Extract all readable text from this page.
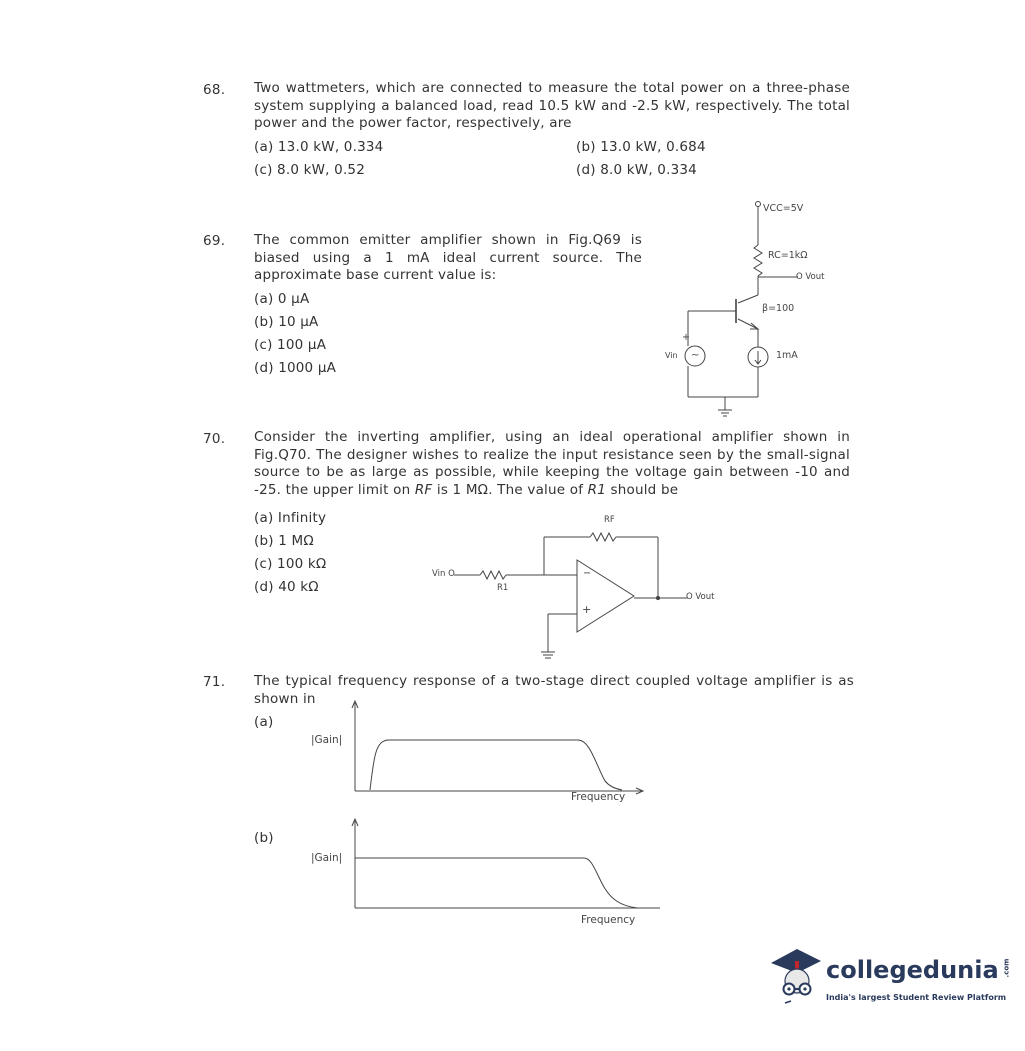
68. Two wattmeters, which are connected to measure the total power on a three-phase system supplying a balanced load, read 10.5 kW and -2.5 kW, respectively. The total power and the power factor, respectively, are
(a) 13.0 kW, 0.334	(b) 13.0 kW, 0.684
(c) 8.0 kW, 0.52	(d) 8.0 kW, 0.334
69. The common emitter amplifier shown in Fig.Q69 is biased using a 1 mA ideal current source. The approximate base current value is:
(a) 0 μA
(b) 10 μA
(c) 100 μA
(d) 1000 μA
VCC=5V
RC=1kΩ
O Vout
β=100
+
Vin ~	1mA
70. Consider the inverting amplifier, using an ideal operational amplifier shown in Fig.Q70. The designer wishes to realize the input resistance seen by the small-signal source to be as large as possible, while keeping the voltage gain between -10 and -25. the upper limit on RF is 1 MΩ. The value of R1 should be
(a) Infinity
(b) 1 MΩ
(c) 100 kΩ
(d) 40 kΩ
RF
R1
Vin O	−
+
O Vout
71. The typical frequency response of a two-stage direct coupled voltage amplifier is as shown in
(a)
(b)
|Gain|
Frequency
|Gain|
Frequency
collegedunia .com
India's largest Student Review Platform
